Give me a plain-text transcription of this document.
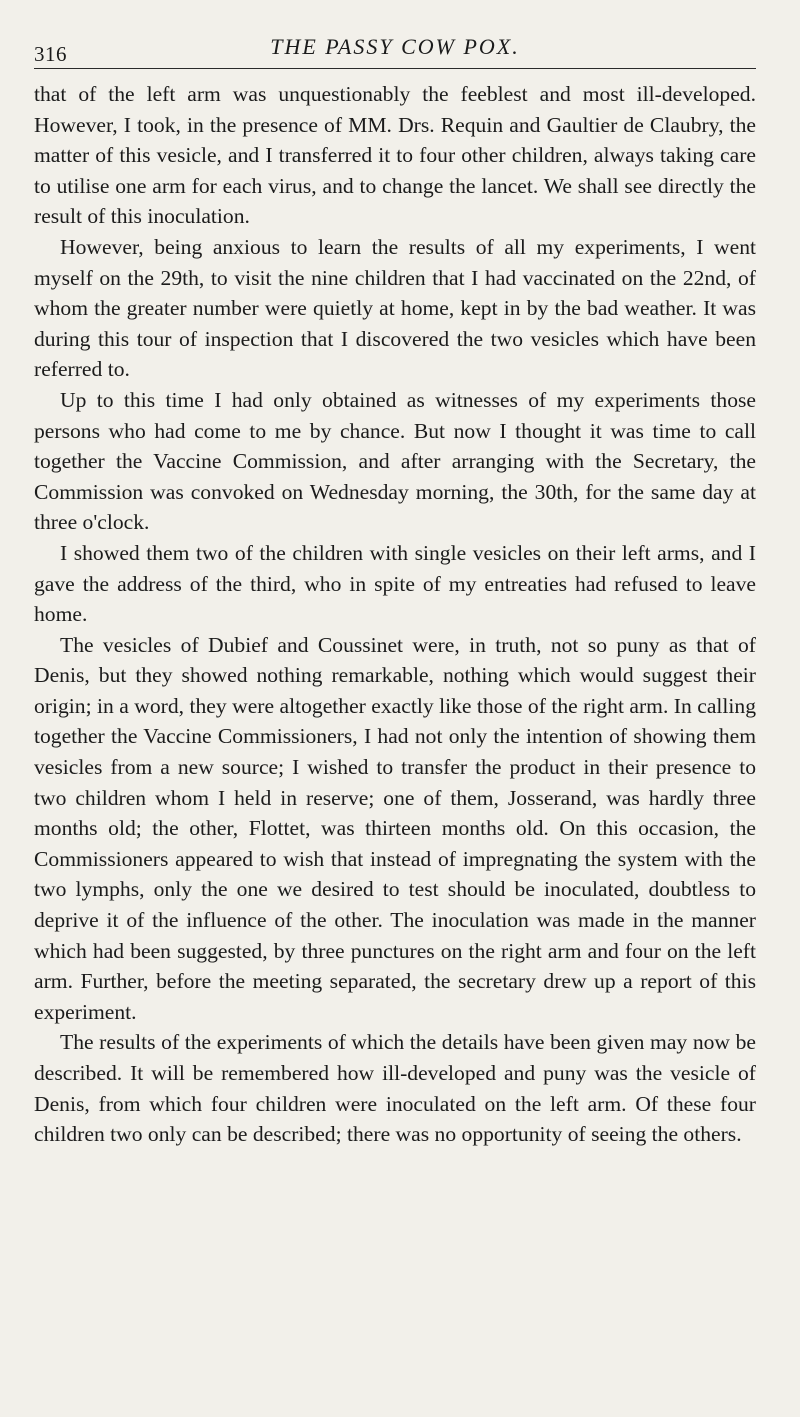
316	THE PASSY COW POX.

that of the left arm was unquestionably the feeblest and most ill-developed. However, I took, in the presence of MM. Drs. Requin and Gaultier de Claubry, the matter of this vesicle, and I transferred it to four other children, always taking care to utilise one arm for each virus, and to change the lancet. We shall see directly the result of this inoculation.

However, being anxious to learn the results of all my experiments, I went myself on the 29th, to visit the nine children that I had vaccinated on the 22nd, of whom the greater number were quietly at home, kept in by the bad weather. It was during this tour of inspection that I discovered the two vesicles which have been referred to.

Up to this time I had only obtained as witnesses of my experiments those persons who had come to me by chance. But now I thought it was time to call together the Vaccine Commission, and after arranging with the Secretary, the Commission was convoked on Wednesday morning, the 30th, for the same day at three o'clock.

I showed them two of the children with single vesicles on their left arms, and I gave the address of the third, who in spite of my entreaties had refused to leave home.

The vesicles of Dubief and Coussinet were, in truth, not so puny as that of Denis, but they showed nothing remarkable, nothing which would suggest their origin; in a word, they were altogether exactly like those of the right arm. In calling together the Vaccine Commissioners, I had not only the intention of showing them vesicles from a new source; I wished to transfer the product in their presence to two children whom I held in reserve; one of them, Josserand, was hardly three months old; the other, Flottet, was thirteen months old. On this occasion, the Commissioners appeared to wish that instead of impregnating the system with the two lymphs, only the one we desired to test should be inoculated, doubtless to deprive it of the influence of the other. The inoculation was made in the manner which had been suggested, by three punctures on the right arm and four on the left arm. Further, before the meeting separated, the secretary drew up a report of this experiment.

The results of the experiments of which the details have been given may now be described. It will be remembered how ill-developed and puny was the vesicle of Denis, from which four children were inoculated on the left arm. Of these four children two only can be described; there was no opportunity of seeing the others.
